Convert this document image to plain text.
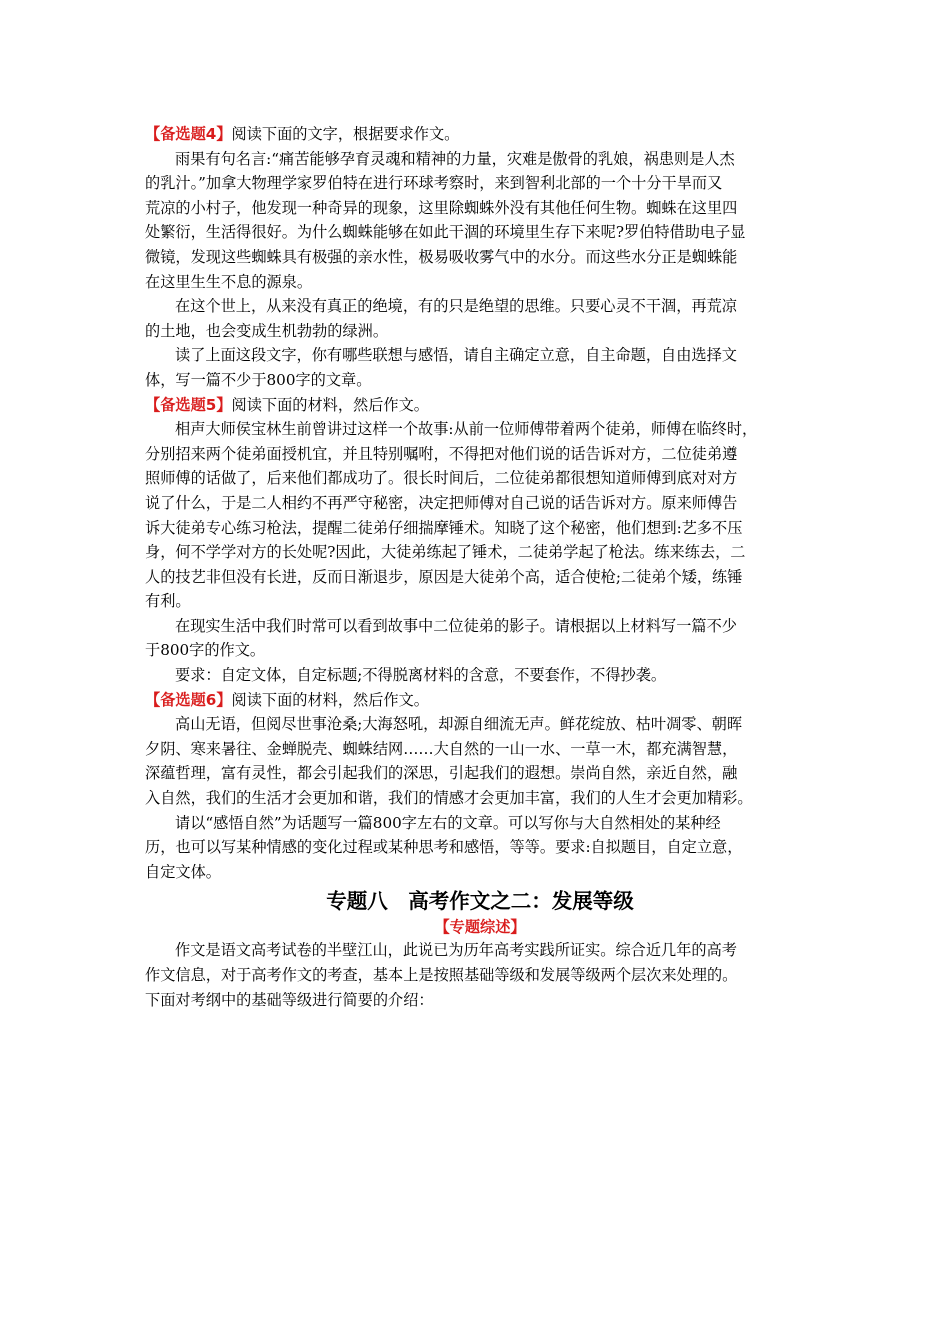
【备选题4】阅读下面的文字，根据要求作文。
雨果有句名言:“痛苦能够孕育灵魂和精神的力量，灾难是傲骨的乳娘，祸患则是人杰
的乳汁。”加拿大物理学家罗伯特在进行环球考察时，来到智利北部的一个十分干旱而又
荒凉的小村子，他发现一种奇异的现象，这里除蜘蛛外没有其他任何生物。蜘蛛在这里四
处繁衍，生活得很好。为什么蜘蛛能够在如此干涸的环境里生存下来呢?罗伯特借助电子显
微镜，发现这些蜘蛛具有极强的亲水性，极易吸收雾气中的水分。而这些水分正是蜘蛛能
在这里生生不息的源泉。
在这个世上，从来没有真正的绝境，有的只是绝望的思维。只要心灵不干涸，再荒凉
的土地，也会变成生机勃勃的绿洲。
读了上面这段文字，你有哪些联想与感悟，请自主确定立意，自主命题，自由选择文
体，写一篇不少于800字的文章。
【备选题5】阅读下面的材料，然后作文。
相声大师侯宝林生前曾讲过这样一个故事:从前一位师傅带着两个徒弟，师傅在临终时，
分别招来两个徒弟面授机宜，并且特别嘱咐，不得把对他们说的话告诉对方，二位徒弟遵
照师傅的话做了，后来他们都成功了。很长时间后，二位徒弟都很想知道师傅到底对对方
说了什么，于是二人相约不再严守秘密，决定把师傅对自己说的话告诉对方。原来师傅告
诉大徒弟专心练习枪法，提醒二徒弟仔细揣摩锤术。知晓了这个秘密，他们想到:艺多不压
身，何不学学对方的长处呢?因此，大徒弟练起了锤术，二徒弟学起了枪法。练来练去，二
人的技艺非但没有长进，反而日渐退步，原因是大徒弟个高，适合使枪;二徒弟个矮，练锤
有利。
在现实生活中我们时常可以看到故事中二位徒弟的影子。请根据以上材料写一篇不少
于800字的作文。
要求：自定文体，自定标题;不得脱离材料的含意，不要套作，不得抄袭。
【备选题6】阅读下面的材料，然后作文。
高山无语，但阅尽世事沧桑;大海怒吼，却源自细流无声。鲜花绽放、枯叶凋零、朝晖
夕阴、寒来暑往、金蝉脱壳、蜘蛛结网……大自然的一山一水、一草一木，都充满智慧，
深蕴哲理，富有灵性，都会引起我们的深思，引起我们的遐想。崇尚自然，亲近自然，融
入自然，我们的生活才会更加和谐，我们的情感才会更加丰富，我们的人生才会更加精彩。
请以“感悟自然”为话题写一篇800字左右的文章。可以写你与大自然相处的某种经
历，也可以写某种情感的变化过程或某种思考和感悟，等等。要求:自拟题目，自定立意，
自定文体。
专题八　高考作文之二：发展等级
【专题综述】
作文是语文高考试卷的半壁江山，此说已为历年高考实践所证实。综合近几年的高考
作文信息，对于高考作文的考查，基本上是按照基础等级和发展等级两个层次来处理的。
下面对考纲中的基础等级进行简要的介绍：
